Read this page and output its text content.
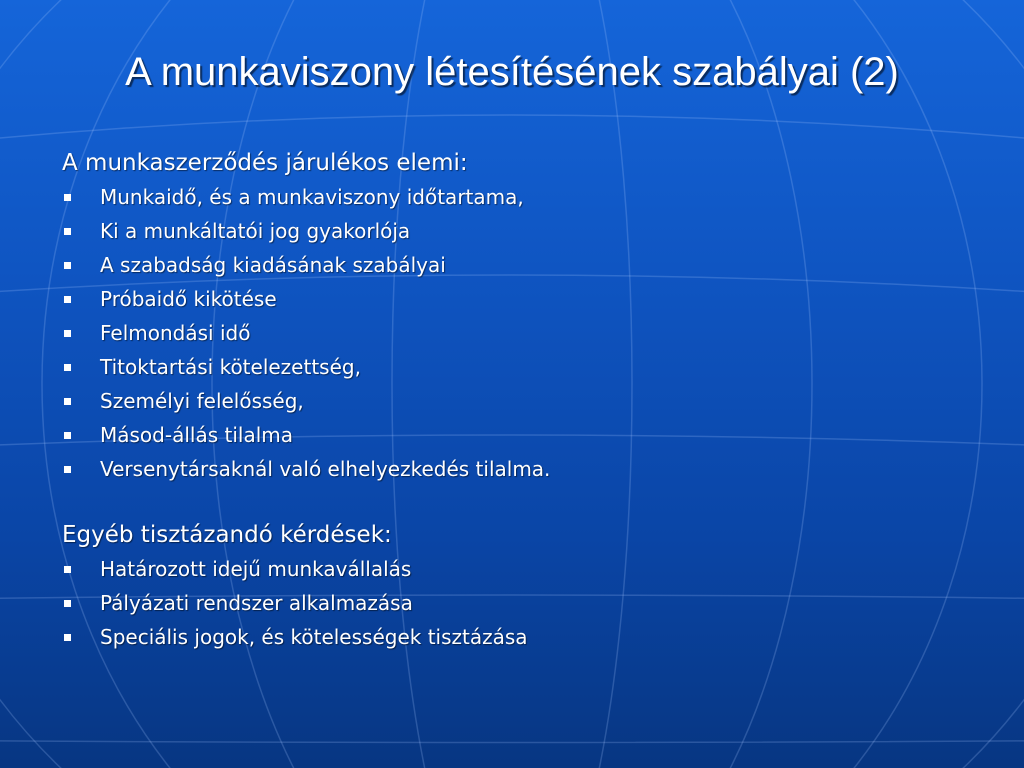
A munkaviszony létesítésének szabályai (2)
A munkaszerződés járulékos elemi:
Munkaidő, és a munkaviszony időtartama,
Ki a munkáltatói jog gyakorlója
A szabadság kiadásának szabályai
Próbaidő kikötése
Felmondási idő
Titoktartási kötelezettség,
Személyi felelősség,
Másod-állás tilalma
Versenytársaknál való elhelyezkedés tilalma.
Egyéb tisztázandó kérdések:
Határozott idejű munkavállalás
Pályázati rendszer alkalmazása
Speciális jogok, és kötelességek tisztázása
